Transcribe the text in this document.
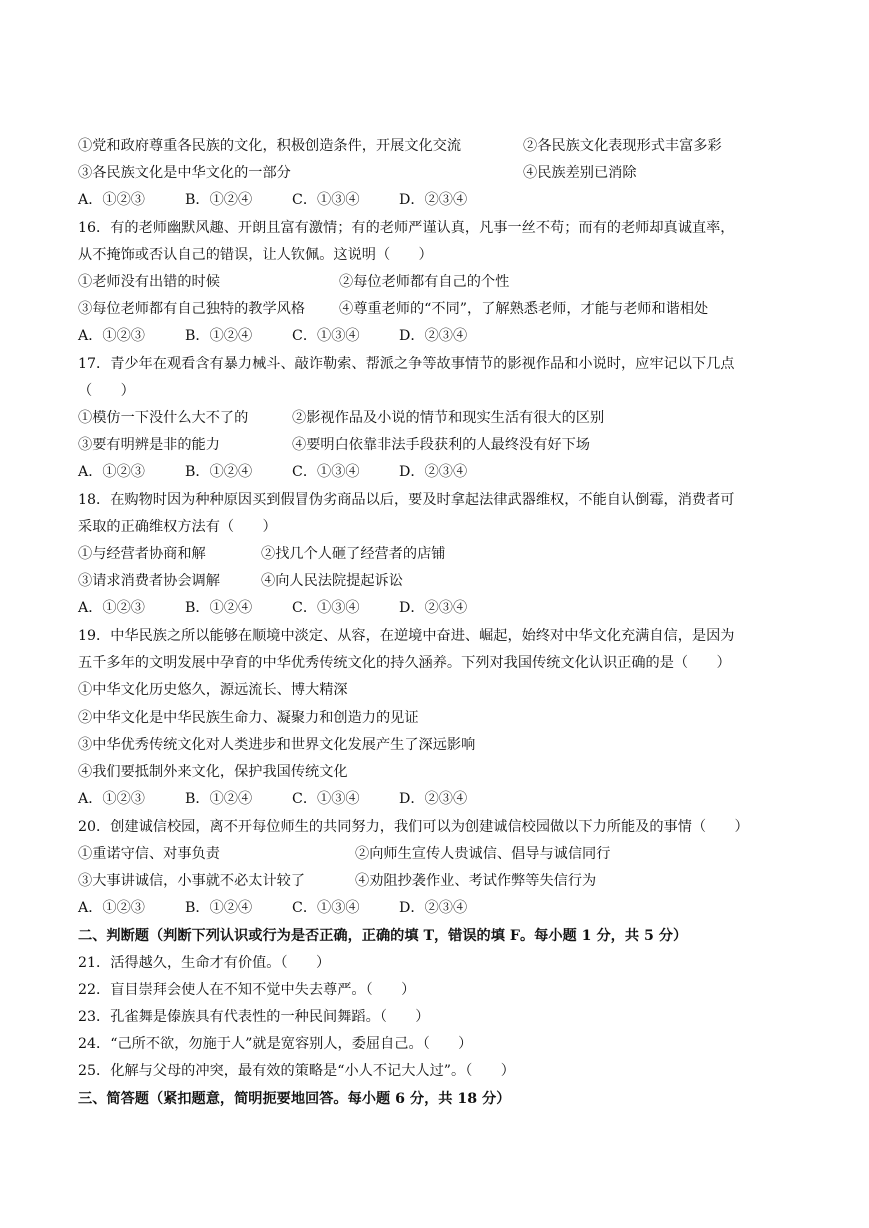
①党和政府尊重各民族的文化，积极创造条件，开展文化交流	②各民族文化表现形式丰富多彩
③各民族文化是中华文化的一部分	④民族差别已消除
A．①②③	B．①②④	C．①③④	D．②③④
16．有的老师幽默风趣、开朗且富有激情；有的老师严谨认真，凡事一丝不苟；而有的老师却真诚直率，
从不掩饰或否认自己的错误，让人钦佩。这说明（　　）
①老师没有出错的时候	②每位老师都有自己的个性
③每位老师都有自己独特的教学风格 ④尊重老师的“不同”，了解熟悉老师，才能与老师和谐相处
A．①②③	B．①②④	C．①③④	D．②③④
17．青少年在观看含有暴力械斗、敲诈勒索、帮派之争等故事情节的影视作品和小说时，应牢记以下几点
（　　）
①模仿一下没什么大不了的	②影视作品及小说的情节和现实生活有很大的区别
③要有明辨是非的能力	④要明白依靠非法手段获利的人最终没有好下场
A．①②③	B．①②④	C．①③④	D．②③④
18．在购物时因为种种原因买到假冒伪劣商品以后，要及时拿起法律武器维权，不能自认倒霉，消费者可
采取的正确维权方法有（　　）
①与经营者协商和解	②找几个人砸了经营者的店铺
③请求消费者协会调解	④向人民法院提起诉讼
A．①②③	B．①②④	C．①③④	D．②③④
19．中华民族之所以能够在顺境中淡定、从容，在逆境中奋进、崛起，始终对中华文化充满自信，是因为
五千多年的文明发展中孕育的中华优秀传统文化的持久涵养。下列对我国传统文化认识正确的是（　　）
①中华文化历史悠久，源远流长、博大精深
②中华文化是中华民族生命力、凝聚力和创造力的见证
③中华优秀传统文化对人类进步和世界文化发展产生了深远影响
④我们要抵制外来文化，保护我国传统文化
A．①②③	B．①②④	C．①③④	D．②③④
20．创建诚信校园，离不开每位师生的共同努力，我们可以为创建诚信校园做以下力所能及的事情（　　）
①重诺守信、对事负责	②向师生宣传人贵诚信、倡导与诚信同行
③大事讲诚信，小事就不必太计较了	④劝阻抄袭作业、考试作弊等失信行为
A．①②③	B．①②④	C．①③④	D．②③④
二、判断题（判断下列认识或行为是否正确，正确的填 T，错误的填 F。每小题 1 分，共 5 分）
21．活得越久，生命才有价值。（　　）
22．盲目崇拜会使人在不知不觉中失去尊严。（　　）
23．孔雀舞是傣族具有代表性的一种民间舞蹈。（　　）
24．“己所不欲，勿施于人”就是宽容别人，委屈自己。（　　）
25．化解与父母的冲突，最有效的策略是“小人不记大人过”。（　　）
三、简答题（紧扣题意，简明扼要地回答。每小题 6 分，共 18 分）
